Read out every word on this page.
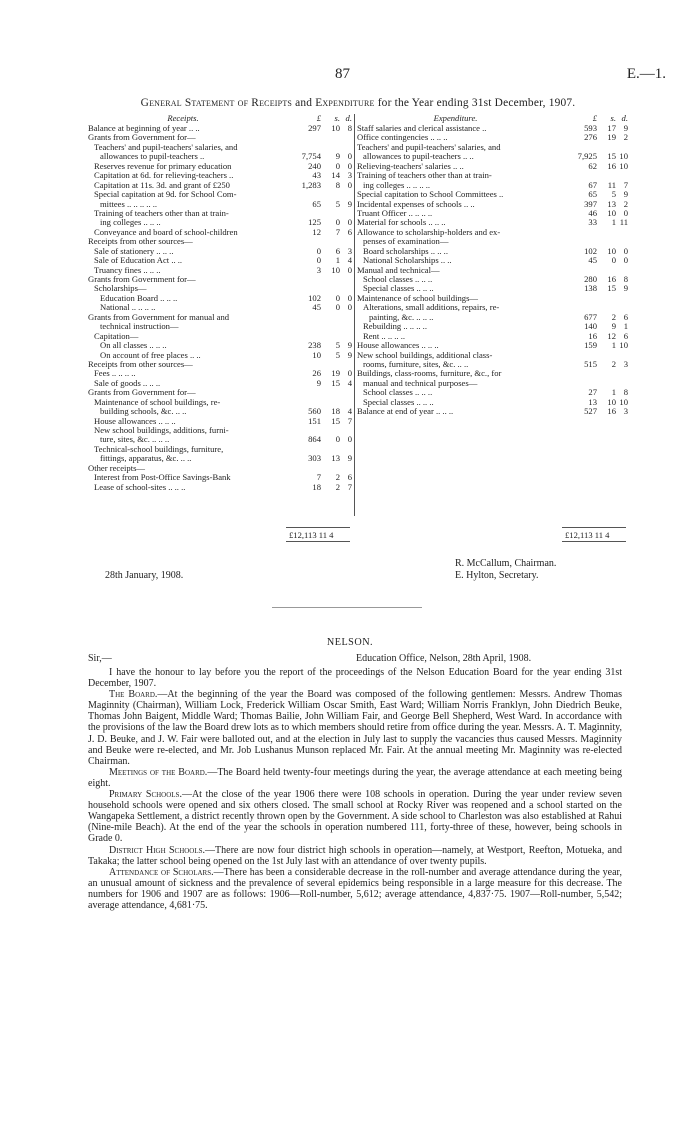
87	E.—1.
General Statement of Receipts and Expenditure for the Year ending 31st December, 1907.
Receipts.	£	s. d.
Balance at beginning of year .. ..	297	10 8
Grants from Government for—
Teachers' and pupil-teachers' salaries, and
allowances to pupil-teachers ..	7,754	9 0
Reserves revenue for primary education	240	0 0
Capitation at 6d. for relieving-teachers ..	43	14 3
Capitation at 11s. 3d. and grant of £250	1,283	8 0
Special capitation at 9d. for School Com-
mittees .. .. .. .. ..	65	5 9
Training of teachers other than at train-
ing colleges .. .. ..	125	0 0
Conveyance and board of school-children	12	7 6
Receipts from other sources—
Sale of stationery .. .. ..	0	6 3
Sale of Education Act .. ..	0	1 4
Truancy fines .. .. ..	3	10 0
Grants from Government for—
Scholarships—
Education Board .. .. ..	102	0 0
National .. .. .. ..	45	0 0
Grants from Government for manual and
technical instruction—
Capitation—
On all classes .. .. ..	238	5 9
On account of free places .. ..	10	5 9
Receipts from other sources—
Fees .. .. .. ..	26	19 0
Sale of goods .. .. ..	9	15 4
Grants from Government for—
Maintenance of school buildings, re-
building schools, &c. .. ..	560	18 4
House allowances .. .. ..	151	15 7
New school buildings, additions, furni-
ture, sites, &c. .. .. ..	864	0 0
Technical-school buildings, furniture,
fittings, apparatus, &c. .. ..	303	13 9
Other receipts—
Interest from Post-Office Savings-Bank	7	2 6
Lease of school-sites .. .. ..	18	2 7
Expenditure.	£	s. d.
Staff salaries and clerical assistance ..	593	17 9
Office contingencies .. .. ..	276	19 2
Teachers' and pupil-teachers' salaries, and
allowances to pupil-teachers .. ..	7,925	15 10
Relieving-teachers' salaries .. ..	62	16 10
Training of teachers other than at train-
ing colleges .. .. .. ..	67	11 7
Special capitation to School Committees ..	65	5 9
Incidental expenses of schools .. ..	397	13 2
Truant Officer .. .. .. ..	46	10 0
Material for schools .. .. ..	33	1 11
Allowance to scholarship-holders and ex-
penses of examination—
Board scholarships .. .. ..	102	10 0
National Scholarships .. ..	45	0 0
Manual and technical—
School classes .. .. ..	280	16 8
Special classes .. .. ..	138	15 9
Maintenance of school buildings—
Alterations, small additions, repairs, re-
painting, &c. .. .. ..	677	2 6
Rebuilding .. .. .. ..	140	9 1
Rent .. .. .. ..	16	12 6
House allowances .. .. ..	159	1 10
New school buildings, additional class-
rooms, furniture, sites, &c. .. ..	515	2 3
Buildings, class-rooms, furniture, &c., for
manual and technical purposes—
School classes .. .. ..	27	1 8
Special classes .. .. ..	13	10 10
Balance at end of year .. .. ..	527	16 3
£12,113 11 4	£12,113 11 4
R. McCallum, Chairman.
E. Hylton, Secretary.
28th January, 1908.
NELSON.
Sir,—	Education Office, Nelson, 28th April, 1908.

I have the honour to lay before you the report of the proceedings of the Nelson Education Board for the year ending 31st December, 1907.

The Board.—At the beginning of the year the Board was composed of the following gentlemen: Messrs. Andrew Thomas Maginnity (Chairman), William Lock, Frederick William Oscar Smith, East Ward; William Norris Franklyn, John Diedrich Beuke, Thomas John Baigent, Middle Ward; Thomas Bailie, John William Fair, and George Bell Shepherd, West Ward. In accordance with the provisions of the law the Board drew lots as to which members should retire from office during the year. Messrs. A. T. Maginnity, J. D. Beuke, and J. W. Fair were balloted out, and at the election in July last to supply the vacancies thus caused Messrs. Maginnity and Beuke were re-elected, and Mr. Job Lushanus Munson replaced Mr. Fair. At the annual meeting Mr. Maginnity was re-elected Chairman.

Meetings of the Board.—The Board held twenty-four meetings during the year, the average attendance at each meeting being eight.

Primary Schools.—At the close of the year 1906 there were 108 schools in operation. During the year under review seven household schools were opened and six others closed. The small school at Rocky River was reopened and a school started on the Wangapeka Settlement, a district recently thrown open by the Government. A side school to Charleston was also established at Rahui (Nine-mile Beach). At the end of the year the schools in operation numbered 111, forty-three of these, however, being schools in Grade 0.

District High Schools.—There are now four district high schools in operation—namely, at Westport, Reefton, Motueka, and Takaka; the latter school being opened on the 1st July last with an attendance of over twenty pupils.

Attendance of Scholars.—There has been a considerable decrease in the roll-number and average attendance during the year, an unusual amount of sickness and the prevalence of several epidemics being responsible in a large measure for this decrease. The numbers for 1906 and 1907 are as follows: 1906—Roll-number, 5,612; average attendance, 4,837·75. 1907—Roll-number, 5,542; average attendance, 4,681·75.
